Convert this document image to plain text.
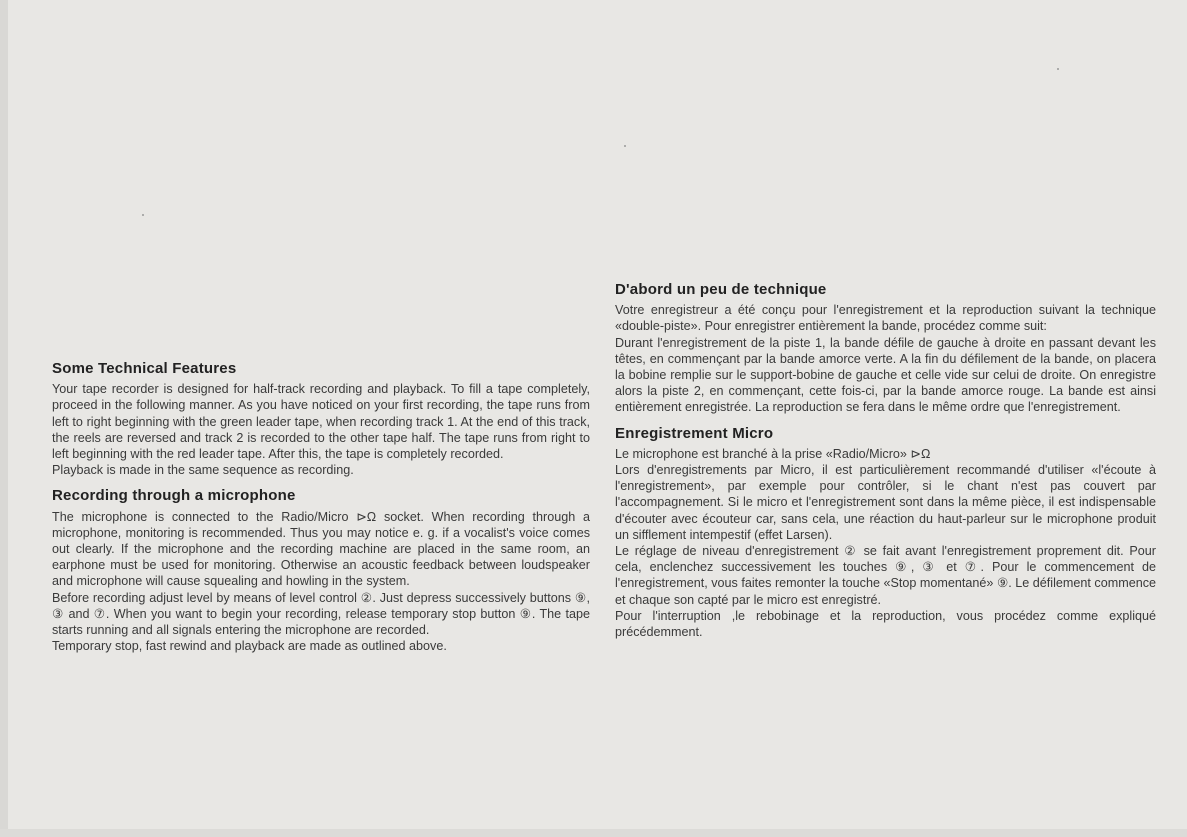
Some Technical Features

Your tape recorder is designed for half-track recording and playback. To fill a tape completely, proceed in the following manner. As you have noticed on your first recording, the tape runs from left to right beginning with the green leader tape, when recording track 1. At the end of this track, the reels are reversed and track 2 is recorded to the other tape half. The tape runs from right to left beginning with the red leader tape. After this, the tape is completely recorded.

Playback is made in the same sequence as recording.

Recording through a microphone

The microphone is connected to the Radio/Micro ⊳Ω socket. When recording through a microphone, monitoring is recommended. Thus you may notice e. g. if a vocalist's voice comes out clearly. If the microphone and the recording machine are placed in the same room, an earphone must be used for monitoring. Otherwise an acoustic feedback between loudspeaker and microphone will cause squealing and howling in the system.

Before recording adjust level by means of level control ②. Just depress successively buttons ⑨, ③ and ⑦. When you want to begin your recording, release temporary stop button ⑨. The tape starts running and all signals entering the microphone are recorded.

Temporary stop, fast rewind and playback are made as outlined above.

D'abord un peu de technique

Votre enregistreur a été conçu pour l'enregistrement et la reproduction suivant la technique «double-piste». Pour enregistrer entièrement la bande, procédez comme suit:

Durant l'enregistrement de la piste 1, la bande défile de gauche à droite en passant devant les têtes, en commençant par la bande amorce verte. A la fin du défilement de la bande, on placera la bobine remplie sur le support-bobine de gauche et celle vide sur celui de droite. On enregistre alors la piste 2, en commençant, cette fois-ci, par la bande amorce rouge. La bande est ainsi entièrement enregistrée. La reproduction se fera dans le même ordre que l'enregistrement.

Enregistrement Micro

Le microphone est branché à la prise «Radio/Micro» ⊳Ω

Lors d'enregistrements par Micro, il est particulièrement recommandé d'utiliser «l'écoute à l'enregistrement», par exemple pour contrôler, si le chant n'est pas couvert par l'accompagnement. Si le micro et l'enregistrement sont dans la même pièce, il est indispensable d'écouter avec écouteur car, sans cela, une réaction du haut-parleur sur le microphone produit un sifflement intempestif (effet Larsen).

Le réglage de niveau d'enregistrement ② se fait avant l'enregistrement proprement dit. Pour cela, enclenchez successivement les touches ⑨, ③ et ⑦. Pour le commencement de l'enregistrement, vous faites remonter la touche «Stop momentané» ⑨. Le défilement commence et chaque son capté par le micro est enregistré.

Pour l'interruption ,le rebobinage et la reproduction, vous procédez comme expliqué précédemment.
